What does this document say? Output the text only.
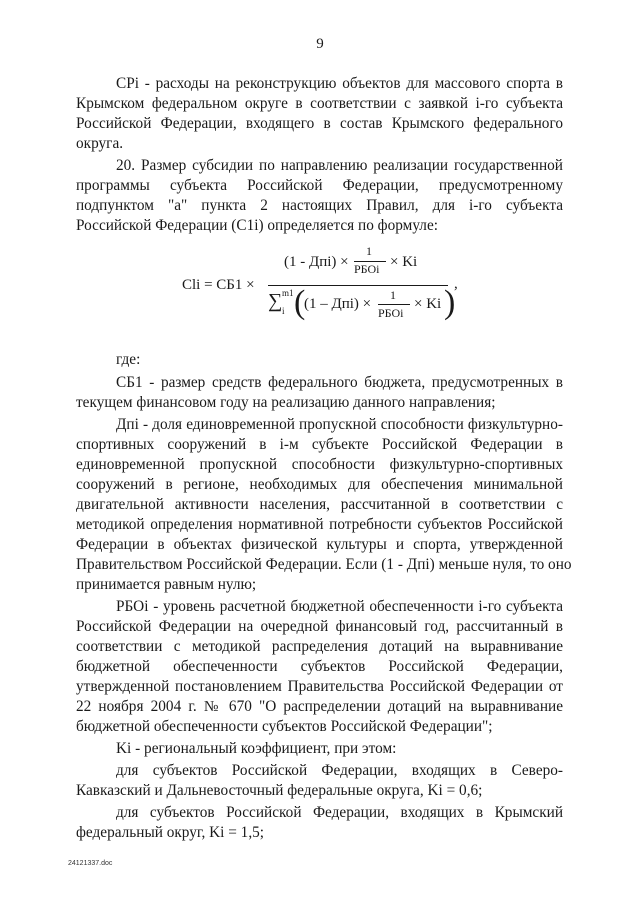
9
CPi - расходы на реконструкцию объектов для массового спорта в
Крымском федеральном округе в соответствии с заявкой i-го субъекта
Российской Федерации, входящего в состав Крымского федерального
округа.
20. Размер субсидии по направлению реализации государственной
программы субъекта Российской Федерации, предусмотренному
подпунктом "а" пункта 2 настоящих Правил, для i-го субъекта
Российской Федерации (C1i) определяется по формуле:
Cli = СБ1 ×
(1 - Дпi) ×
1
РБОi × Ki
∑ m1
i (
(1 – Дпi) ×
1
РБОi
× Ki )
,
где:
СБ1 - размер средств федерального бюджета, предусмотренных в
текущем финансовом году на реализацию данного направления;
Дпi - доля единовременной пропускной способности физкультурно-
спортивных сооружений в i-м субъекте Российской Федерации в
единовременной пропускной способности физкультурно-спортивных
сооружений в регионе, необходимых для обеспечения минимальной
двигательной активности населения, рассчитанной в соответствии с
методикой определения нормативной потребности субъектов Российской
Федерации в объектах физической культуры и спорта, утвержденной
Правительством Российской Федерации. Если (1 - Дпi) меньше нуля, то оно
принимается равным нулю;
РБОi - уровень расчетной бюджетной обеспеченности i-го субъекта
Российской Федерации на очередной финансовый год, рассчитанный в
соответствии с методикой распределения дотаций на выравнивание
бюджетной обеспеченности субъектов Российской Федерации,
утвержденной постановлением Правительства Российской Федерации от
22 ноября 2004 г. № 670 "О распределении дотаций на выравнивание
бюджетной обеспеченности субъектов Российской Федерации";
Ki - региональный коэффициент, при этом:
для субъектов Российской Федерации, входящих в Северо-
Кавказский и Дальневосточный федеральные округа, Ki = 0,6;
для субъектов Российской Федерации, входящих в Крымский
федеральный округ, Ki = 1,5;
24121337.doc
